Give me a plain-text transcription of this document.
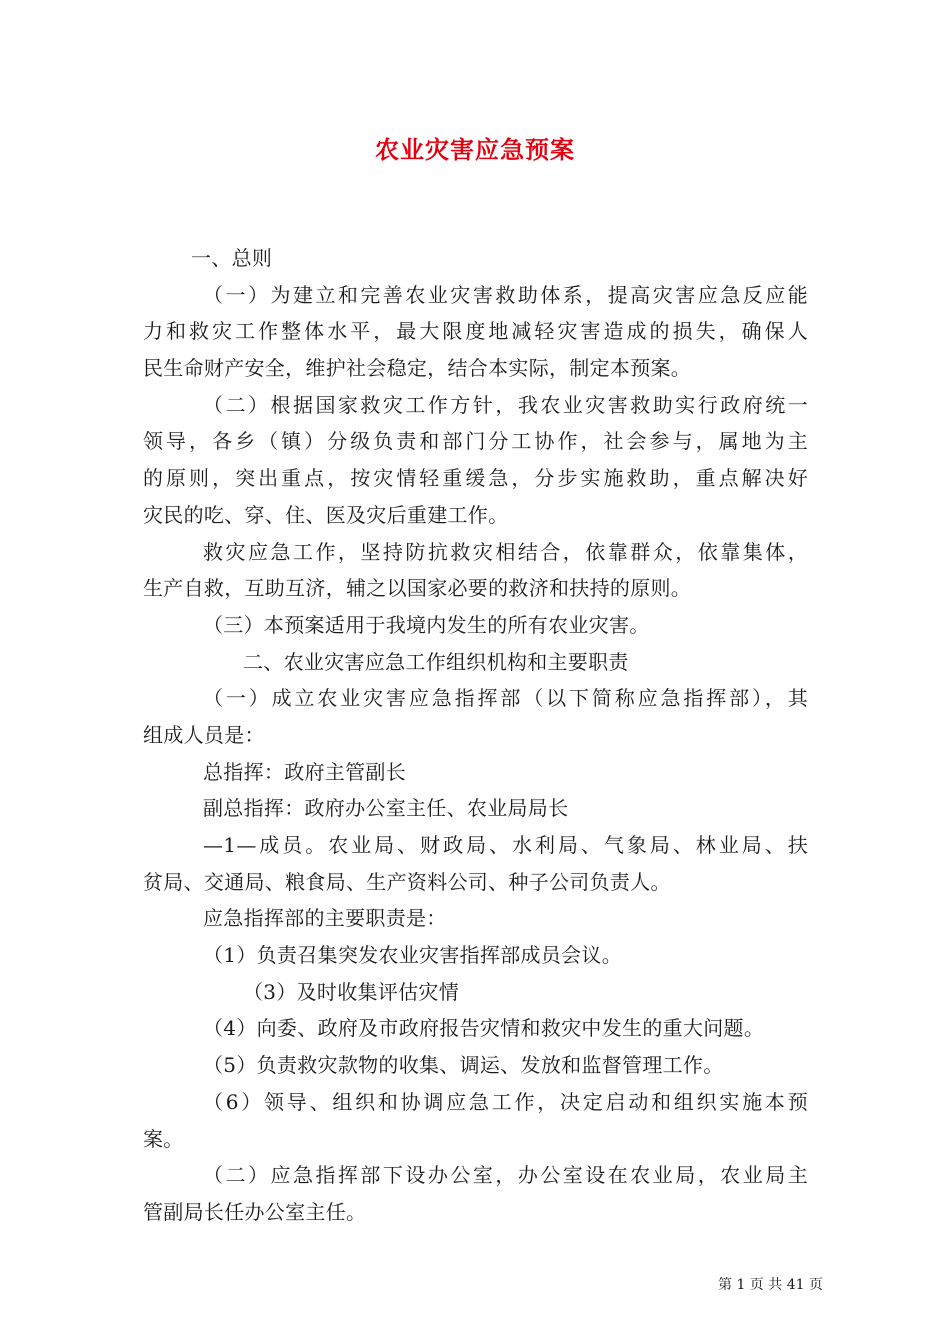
农业灾害应急预案
一、总则
（一）为建立和完善农业灾害救助体系，提高灾害应急反应能
力和救灾工作整体水平，最大限度地减轻灾害造成的损失，确保人
民生命财产安全，维护社会稳定，结合本实际，制定本预案。
（二）根据国家救灾工作方针，我农业灾害救助实行政府统一
领导，各乡（镇）分级负责和部门分工协作，社会参与，属地为主
的原则，突出重点，按灾情轻重缓急，分步实施救助，重点解决好
灾民的吃、穿、住、医及灾后重建工作。
救灾应急工作，坚持防抗救灾相结合，依靠群众，依靠集体，
生产自救，互助互济，辅之以国家必要的救济和扶持的原则。
（三）本预案适用于我境内发生的所有农业灾害。
二、农业灾害应急工作组织机构和主要职责
（一）成立农业灾害应急指挥部（以下简称应急指挥部），其
组成人员是：
总指挥：政府主管副长
副总指挥：政府办公室主任、农业局局长
—1—成员。农业局、财政局、水利局、气象局、林业局、扶
贫局、交通局、粮食局、生产资料公司、种子公司负责人。
应急指挥部的主要职责是：
（1）负责召集突发农业灾害指挥部成员会议。
（3）及时收集评估灾情
（4）向委、政府及市政府报告灾情和救灾中发生的重大问题。
（5）负责救灾款物的收集、调运、发放和监督管理工作。
（6）领导、组织和协调应急工作，决定启动和组织实施本预
案。
（二）应急指挥部下设办公室，办公室设在农业局，农业局主
管副局长任办公室主任。
第 1 页 共 41 页
